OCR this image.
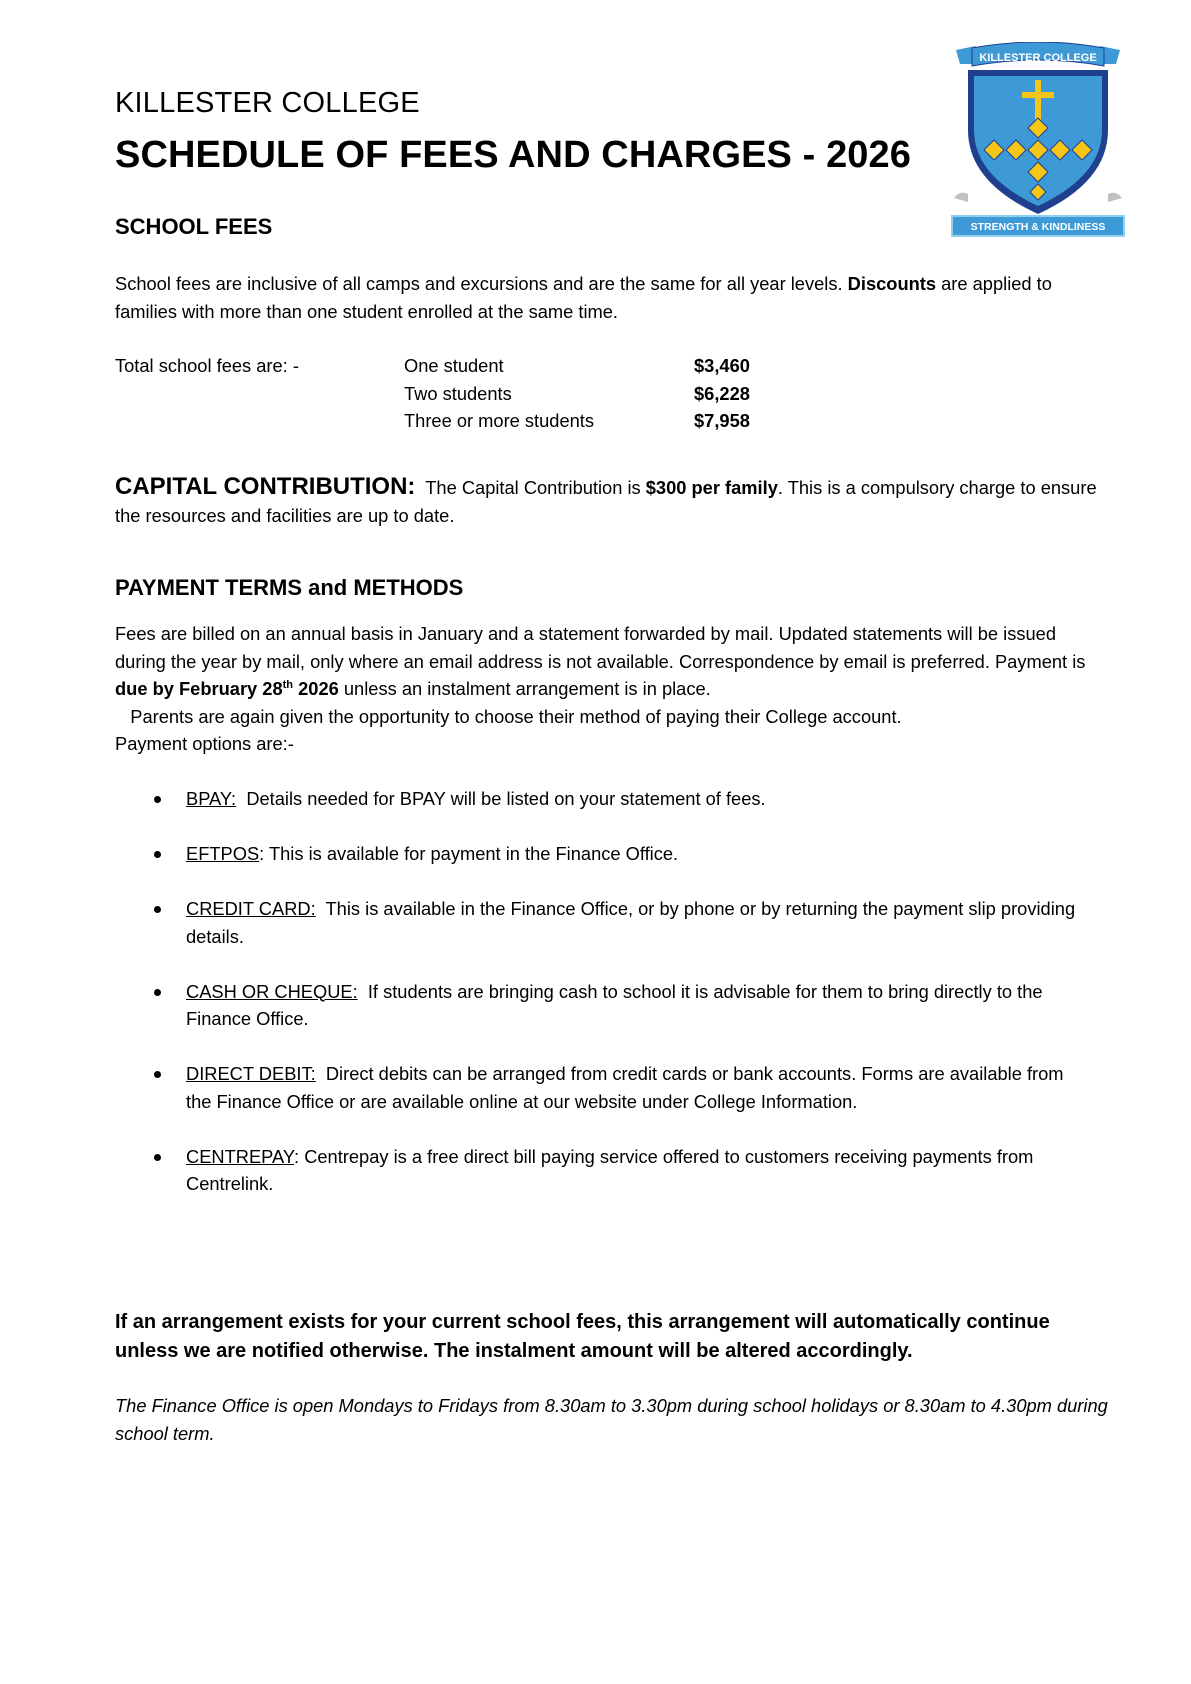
KILLESTER COLLEGE
SCHEDULE OF FEES AND CHARGES - 2026
KILLESTER COLLEGE
STRENGTH & KINDLINESS
SCHOOL FEES

School fees are inclusive of all camps and excursions and are the same for all year levels. Discounts are applied to families with more than one student enrolled at the same time.

Total school fees are: -	One student	$3,460
Two students	$6,228
Three or more students	$7,958

CAPITAL CONTRIBUTION: The Capital Contribution is $300 per family. This is a compulsory charge to ensure the resources and facilities are up to date.

PAYMENT TERMS and METHODS

Fees are billed on an annual basis in January and a statement forwarded by mail. Updated statements will be issued during the year by mail, only where an email address is not available. Correspondence by email is preferred. Payment is due by February 28th 2026 unless an instalment arrangement is in place.
Parents are again given the opportunity to choose their method of paying their College account.
Payment options are:-

BPAY: Details needed for BPAY will be listed on your statement of fees.
EFTPOS: This is available for payment in the Finance Office.
CREDIT CARD: This is available in the Finance Office, or by phone or by returning the payment slip providing details.
CASH OR CHEQUE: If students are bringing cash to school it is advisable for them to bring directly to the Finance Office.
DIRECT DEBIT: Direct debits can be arranged from credit cards or bank accounts. Forms are available from the Finance Office or are available online at our website under College Information.
CENTREPAY: Centrepay is a free direct bill paying service offered to customers receiving payments from Centrelink.

If an arrangement exists for your current school fees, this arrangement will automatically continue unless we are notified otherwise. The instalment amount will be altered accordingly.

The Finance Office is open Mondays to Fridays from 8.30am to 3.30pm during school holidays or 8.30am to 4.30pm during school term.
